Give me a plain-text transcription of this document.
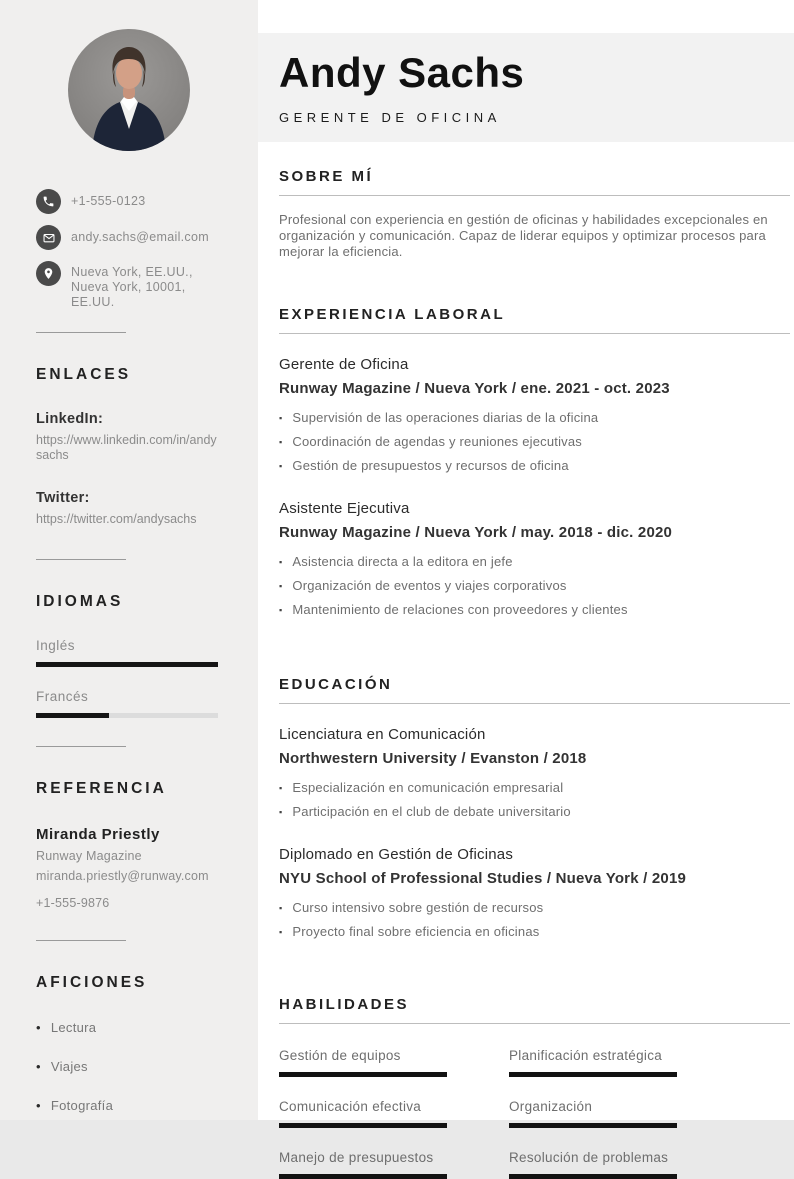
+1-555-0123
andy.sachs@email.com
Nueva York, EE.UU.,
Nueva York, 10001,
EE.UU.
ENLACES
LinkedIn:
https://www.linkedin.com/in/andysachs
Twitter:
https://twitter.com/andysachs
IDIOMAS
Inglés
Francés
REFERENCIA
Miranda Priestly
Runway Magazine
miranda.priestly@runway.com
+1-555-9876
AFICIONES
• Lectura
• Viajes
• Fotografía
Andy Sachs
GERENTE DE OFICINA
SOBRE MÍ

Profesional con experiencia en gestión de oficinas y habilidades excepcionales en organización y comunicación. Capaz de liderar equipos y optimizar procesos para mejorar la eficiencia.

EXPERIENCIA LABORAL
Gerente de Oficina
Runway Magazine / Nueva York / ene. 2021 - oct. 2023
▪ Supervisión de las operaciones diarias de la oficina
▪ Coordinación de agendas y reuniones ejecutivas
▪ Gestión de presupuestos y recursos de oficina
Asistente Ejecutiva
Runway Magazine / Nueva York / may. 2018 - dic. 2020
▪ Asistencia directa a la editora en jefe
▪ Organización de eventos y viajes corporativos
▪ Mantenimiento de relaciones con proveedores y clientes
EDUCACIÓN
Licenciatura en Comunicación
Northwestern University / Evanston / 2018
▪ Especialización en comunicación empresarial
▪ Participación en el club de debate universitario
Diplomado en Gestión de Oficinas
NYU School of Professional Studies / Nueva York / 2019
▪ Curso intensivo sobre gestión de recursos
▪ Proyecto final sobre eficiencia en oficinas
HABILIDADES
Gestión de equipos	Planificación estratégica
Comunicación efectiva	Organización
Manejo de presupuestos	Resolución de problemas
